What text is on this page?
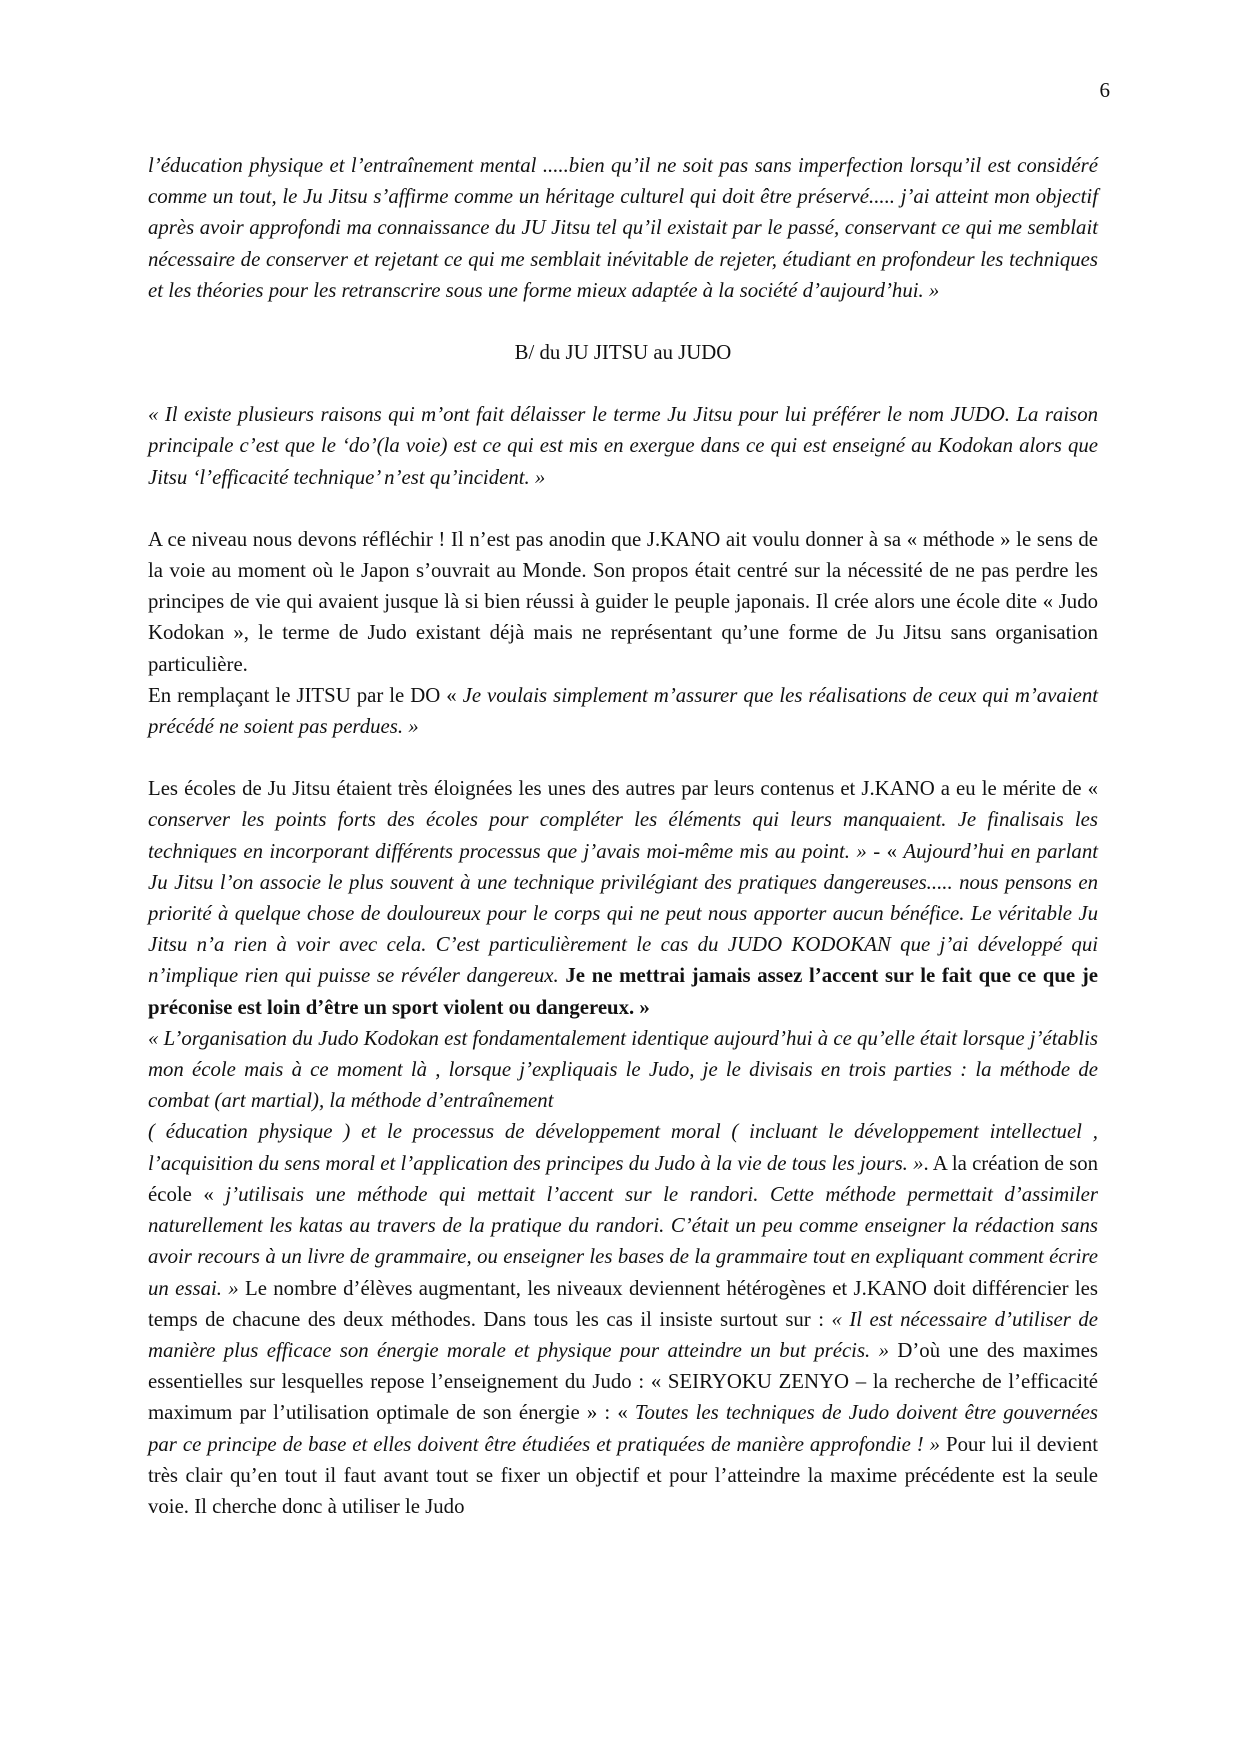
6

l’éducation physique et l’entraînement mental .....bien qu’il ne soit pas sans imperfection lorsqu’il est considéré comme un tout, le Ju Jitsu s’affirme comme un héritage culturel qui doit être préservé..... j’ai atteint mon objectif après avoir approfondi ma connaissance du JU Jitsu tel qu’il existait par le passé, conservant ce qui me semblait nécessaire de conserver et rejetant ce qui me semblait inévitable de rejeter, étudiant en profondeur les techniques et les théories pour les retranscrire sous une forme mieux adaptée à la société d’aujourd’hui. »

B/ du JU JITSU au JUDO

« Il existe plusieurs raisons qui m’ont fait délaisser le terme Ju Jitsu pour lui préférer le nom JUDO. La raison principale c’est que le ‘do’(la voie) est ce qui est mis en exergue dans ce qui est enseigné au Kodokan alors que Jitsu ‘l’efficacité technique’ n’est qu’incident. »

A ce niveau nous devons réfléchir ! Il n’est pas anodin que J.KANO ait voulu donner à sa « méthode » le sens de la voie au moment où le Japon s’ouvrait au Monde. Son propos était centré sur la nécessité de ne pas perdre les principes de vie qui avaient jusque là si bien réussi à guider le peuple japonais. Il crée alors une école dite « Judo Kodokan », le terme de Judo existant déjà mais ne représentant qu’une forme de Ju Jitsu sans organisation particulière.

En remplaçant le JITSU par le DO « Je voulais simplement m’assurer que les réalisations de ceux qui m’avaient précédé ne soient pas perdues. »

Les écoles de Ju Jitsu étaient très éloignées les unes des autres par leurs contenus et J.KANO a eu le mérite de « conserver les points forts des écoles pour compléter les éléments qui leurs manquaient. Je finalisais les techniques en incorporant différents processus que j’avais moi-même mis au point. » - « Aujourd’hui en parlant Ju Jitsu l’on associe le plus souvent à une technique privilégiant des pratiques dangereuses..... nous pensons en priorité à quelque chose de douloureux pour le corps qui ne peut nous apporter aucun bénéfice. Le véritable Ju Jitsu n’a rien à voir avec cela. C’est particulièrement le cas du JUDO KODOKAN que j’ai développé qui n’implique rien qui puisse se révéler dangereux. Je ne mettrai jamais assez l’accent sur le fait que ce que je préconise est loin d’être un sport violent ou dangereux. »

« L’organisation du Judo Kodokan est fondamentalement identique aujourd’hui à ce qu’elle était lorsque j’établis mon école mais à ce moment là , lorsque j’expliquais le Judo, je le divisais en trois parties : la méthode de combat (art martial), la méthode d’entraînement

( éducation physique ) et le processus de développement moral ( incluant le développement intellectuel , l’acquisition du sens moral et l’application des principes du Judo à la vie de tous les jours. ». A la création de son école « j’utilisais une méthode qui mettait l’accent sur le randori. Cette méthode permettait d’assimiler naturellement les katas au travers de la pratique du randori. C’était un peu comme enseigner la rédaction sans avoir recours à un livre de grammaire, ou enseigner les bases de la grammaire tout en expliquant comment écrire un essai. » Le nombre d’élèves augmentant, les niveaux deviennent hétérogènes et J.KANO doit différencier les temps de chacune des deux méthodes. Dans tous les cas il insiste surtout sur : « Il est nécessaire d’utiliser de manière plus efficace son énergie morale et physique pour atteindre un but précis. » D’où une des maximes essentielles sur lesquelles repose l’enseignement du Judo : « SEIRYOKU ZENYO – la recherche de l’efficacité maximum par l’utilisation optimale de son énergie » : « Toutes les techniques de Judo doivent être gouvernées par ce principe de base et elles doivent être étudiées et pratiquées de manière approfondie ! » Pour lui il devient très clair qu’en tout il faut avant tout se fixer un objectif et pour l’atteindre la maxime précédente est la seule voie. Il cherche donc à utiliser le Judo
